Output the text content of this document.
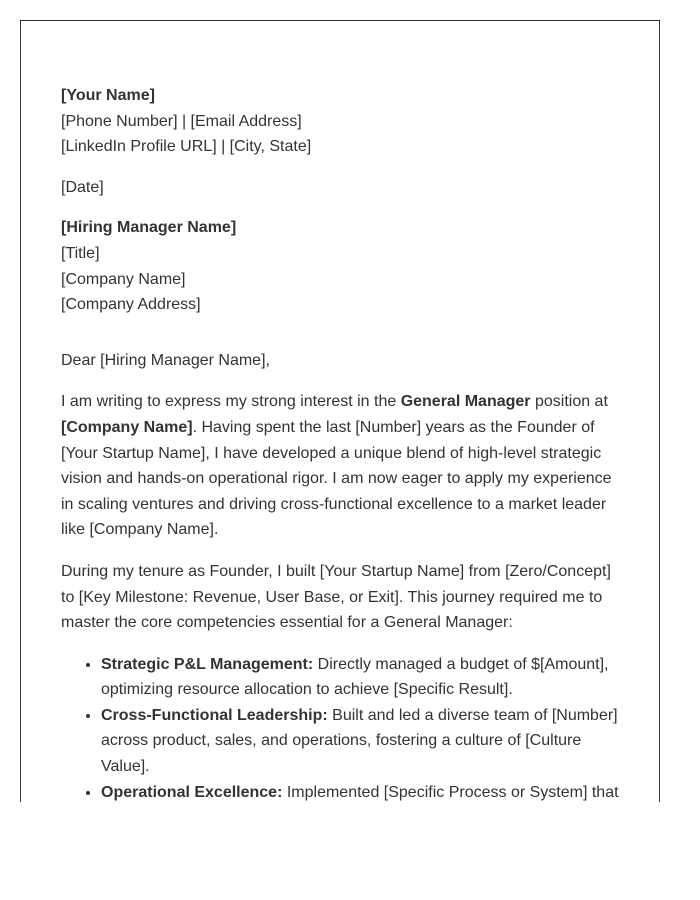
[Your Name]
[Phone Number] | [Email Address]
[LinkedIn Profile URL] | [City, State]
[Date]
[Hiring Manager Name]
[Title]
[Company Name]
[Company Address]

Dear [Hiring Manager Name],

I am writing to express my strong interest in the General Manager position at [Company Name]. Having spent the last [Number] years as the Founder of [Your Startup Name], I have developed a unique blend of high-level strategic vision and hands-on operational rigor. I am now eager to apply my experience in scaling ventures and driving cross-functional excellence to a market leader like [Company Name].

During my tenure as Founder, I built [Your Startup Name] from [Zero/Concept] to [Key Milestone: Revenue, User Base, or Exit]. This journey required me to master the core competencies essential for a General Manager:

• Strategic P&L Management: Directly managed a budget of $[Amount], optimizing resource allocation to achieve [Specific Result].
• Cross-Functional Leadership: Built and led a diverse team of [Number] across product, sales, and operations, fostering a culture of [Culture Value].
• Operational Excellence: Implemented [Specific Process or System] that
